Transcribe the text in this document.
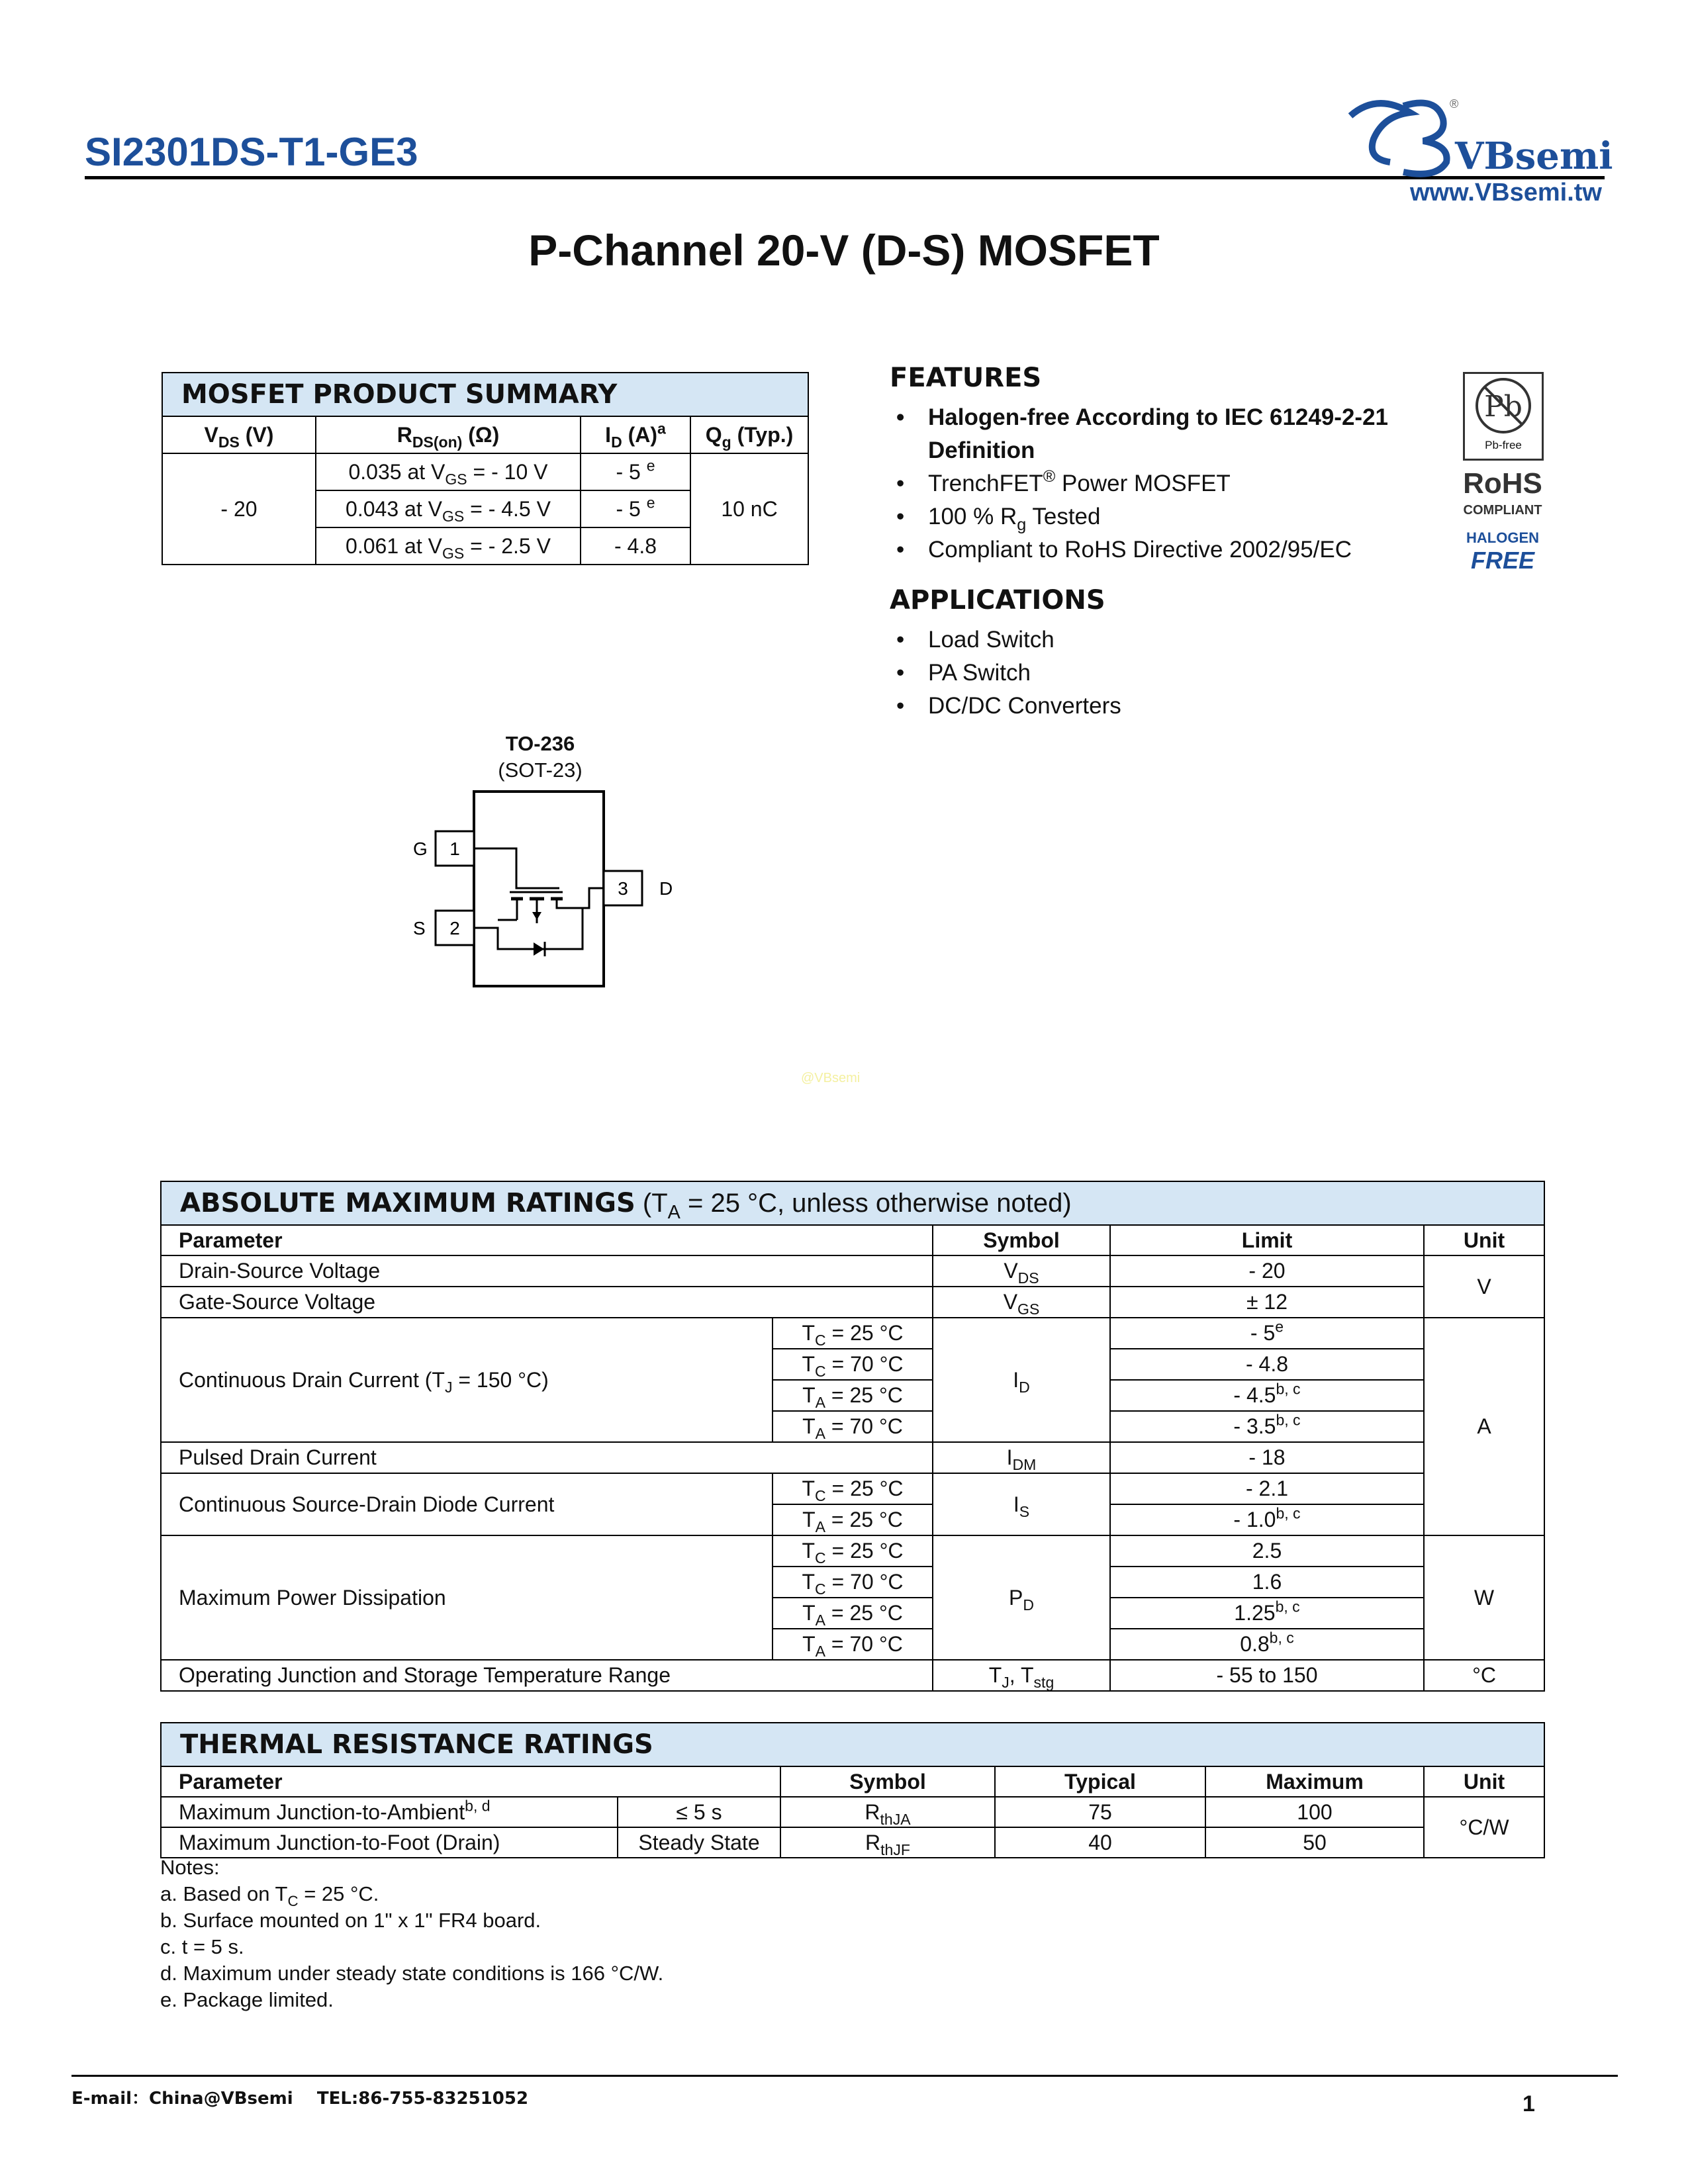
SI2301DS-T1-GE3	VBsemi
®
www.VBsemi.tw
P-Channel 20-V (D-S) MOSFET
MOSFET PRODUCT SUMMARY			
$V_{DS}$ (V)	$R_{DS(on)}$ (Ω)	$I_D$ $(A)^a$	$Q_g$ (Typ.)
- 20	0.035 at $V_{GS}$ = - 10 V	- 5 $^e$	10 nC
	0.043 at $V_{GS}$ = - 4.5 V	- 5 $^e$
	0.061 at $V_{GS}$ = - 2.5 V	- 4.8	
FEATURES
• Halogen-free According to IEC 61249-2-21
Definition
• TrenchFET® Power MOSFET
• 100 % $R_g$ Tested
• Compliant to RoHS Directive 2002/95/EC
Pb
Pb-free
RoHS
COMPLIANT
HALOGEN
FREE
APPLICATIONS
• Load Switch
• PA Switch
• DC/DC Converters
TO-236
(SOT-23)
1
2
3
G
S
D
@VBsemi
ABSOLUTE MAXIMUM RATINGS ($T_A = 25$ °C, unless otherwise noted)				
Parameter		Symbol	Limit	Unit
Drain-Source Voltage		$V_{DS}$	- 20	V
Gate-Source Voltage		$V_{GS}$	± 12	
Continuous Drain Current ($T_J = 150$ °C)	$T_C = 25$ °C	$I_D$	- 5e	A
	$T_C = 70$ °C		- 4.8	
	$T_A = 25$ °C		- 4.5$^{b, c}$
	$T_A = 70$ °C		- 3.5$^{b, c}$
Pulsed Drain Current		$I_{DM}$	- 18	
Continuous Source-Drain Diode Current	$T_C = 25$ °C	$I_S$	- 2.1	
	$T_A = 25$ °C		- 1.0$^{b, c}$
Maximum Power Dissipation	$T_C = 25$ °C	$P_D$	2.5	W
	$T_C = 70$ °C		1.6	
	$T_A = 25$ °C		1.25$^{b, c}$
	$T_A = 70$ °C		0.8$^{b, c}$
Operating Junction and Storage Temperature Range		$T_J$, $T_{stg}$	- 55 to 150	°C
THERMAL RESISTANCE RATINGS					
Parameter		Symbol	Typical	Maximum	Unit
Maximum Junction-to-Ambient$^{b, d}$	≤ 5 s	$R_{thJA}$	75	100	°C/W
Maximum Junction-to-Foot (Drain)	Steady State	$R_{thJF}$	40	50	
Notes:
a. Based on $T_C = 25$ °C.
b. Surface mounted on 1" x 1" FR4 board.
c. t = 5 s.
d. Maximum under steady state conditions is 166 °C/W.
e. Package limited.
E-mail：China@VBsemi    TEL:86-755-83251052	1
